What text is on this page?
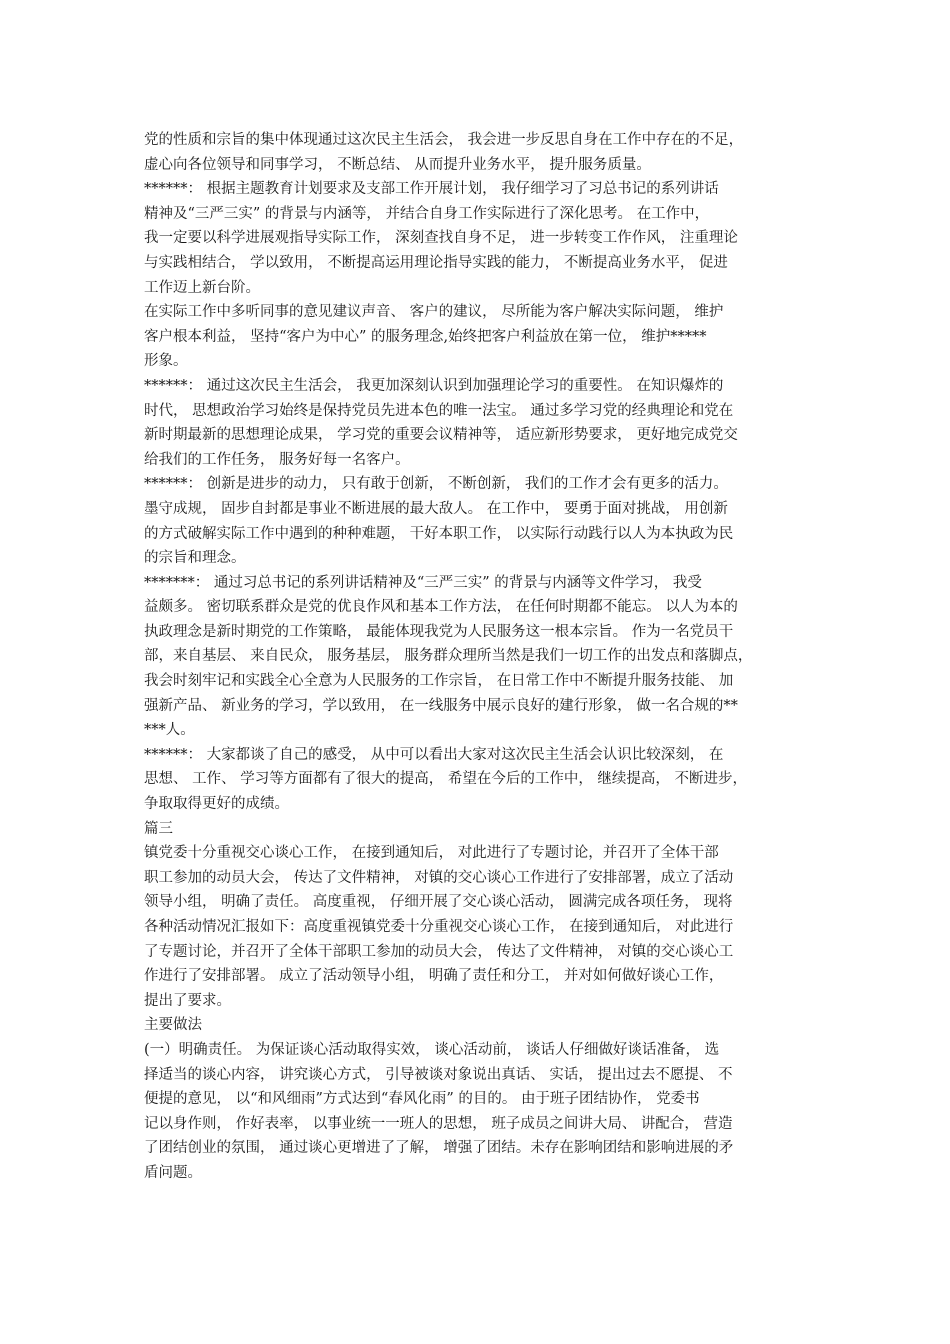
党的性质和宗旨的集中体现通过这次民主生活会， 我会进一步反思自身在工作中存在的不足，
虚心向各位领导和同事学习， 不断总结、 从而提升业务水平， 提升服务质量。
******： 根据主题教育计划要求及支部工作开展计划， 我仔细学习了习总书记的系列讲话
精神及“三严三实” 的背景与内涵等， 并结合自身工作实际进行了深化思考。 在工作中，
我一定要以科学进展观指导实际工作， 深刻查找自身不足， 进一步转变工作作风， 注重理论
与实践相结合， 学以致用， 不断提高运用理论指导实践的能力， 不断提高业务水平， 促进
工作迈上新台阶。
在实际工作中多听同事的意见建议声音、 客户的建议， 尽所能为客户解决实际问题， 维护
客户根本利益， 坚持“客户为中心” 的服务理念,始终把客户利益放在第一位， 维护*****
形象。
******： 通过这次民主生活会， 我更加深刻认识到加强理论学习的重要性。 在知识爆炸的
时代， 思想政治学习始终是保持党员先进本色的唯一法宝。 通过多学习党的经典理论和党在
新时期最新的思想理论成果， 学习党的重要会议精神等， 适应新形势要求， 更好地完成党交
给我们的工作任务， 服务好每一名客户。
******： 创新是进步的动力， 只有敢于创新， 不断创新， 我们的工作才会有更多的活力。
墨守成规， 固步自封都是事业不断进展的最大敌人。 在工作中， 要勇于面对挑战， 用创新
的方式破解实际工作中遇到的种种难题， 干好本职工作， 以实际行动践行以人为本执政为民
的宗旨和理念。
*******： 通过习总书记的系列讲话精神及“三严三实” 的背景与内涵等文件学习， 我受
益颇多。 密切联系群众是党的优良作风和基本工作方法， 在任何时期都不能忘。 以人为本的
执政理念是新时期党的工作策略， 最能体现我党为人民服务这一根本宗旨。 作为一名党员干
部，来自基层、 来自民众， 服务基层， 服务群众理所当然是我们一切工作的出发点和落脚点，
我会时刻牢记和实践全心全意为人民服务的工作宗旨， 在日常工作中不断提升服务技能、 加
强新产品、 新业务的学习，学以致用， 在一线服务中展示良好的建行形象， 做一名合规的**
***人。
******： 大家都谈了自己的感受， 从中可以看出大家对这次民主生活会认识比较深刻， 在
思想、 工作、 学习等方面都有了很大的提高， 希望在今后的工作中， 继续提高， 不断进步，
争取取得更好的成绩。
篇三
镇党委十分重视交心谈心工作， 在接到通知后， 对此进行了专题讨论，并召开了全体干部
职工参加的动员大会， 传达了文件精神， 对镇的交心谈心工作进行了安排部署，成立了活动
领导小组， 明确了责任。 高度重视， 仔细开展了交心谈心活动， 圆满完成各项任务， 现将
各种活动情况汇报如下：高度重视镇党委十分重视交心谈心工作， 在接到通知后， 对此进行
了专题讨论，并召开了全体干部职工参加的动员大会， 传达了文件精神， 对镇的交心谈心工
作进行了安排部署。 成立了活动领导小组， 明确了责任和分工， 并对如何做好谈心工作，
提出了要求。
主要做法
(一）明确责任。 为保证谈心活动取得实效， 谈心活动前， 谈话人仔细做好谈话准备， 选
择适当的谈心内容， 讲究谈心方式， 引导被谈对象说出真话、 实话， 提出过去不愿提、 不
便提的意见， 以“和风细雨”方式达到“春风化雨” 的目的。 由于班子团结协作， 党委书
记以身作则， 作好表率， 以事业统一一班人的思想， 班子成员之间讲大局、 讲配合， 营造
了团结创业的氛围， 通过谈心更增进了了解， 增强了团结。未存在影响团结和影响进展的矛
盾问题。
